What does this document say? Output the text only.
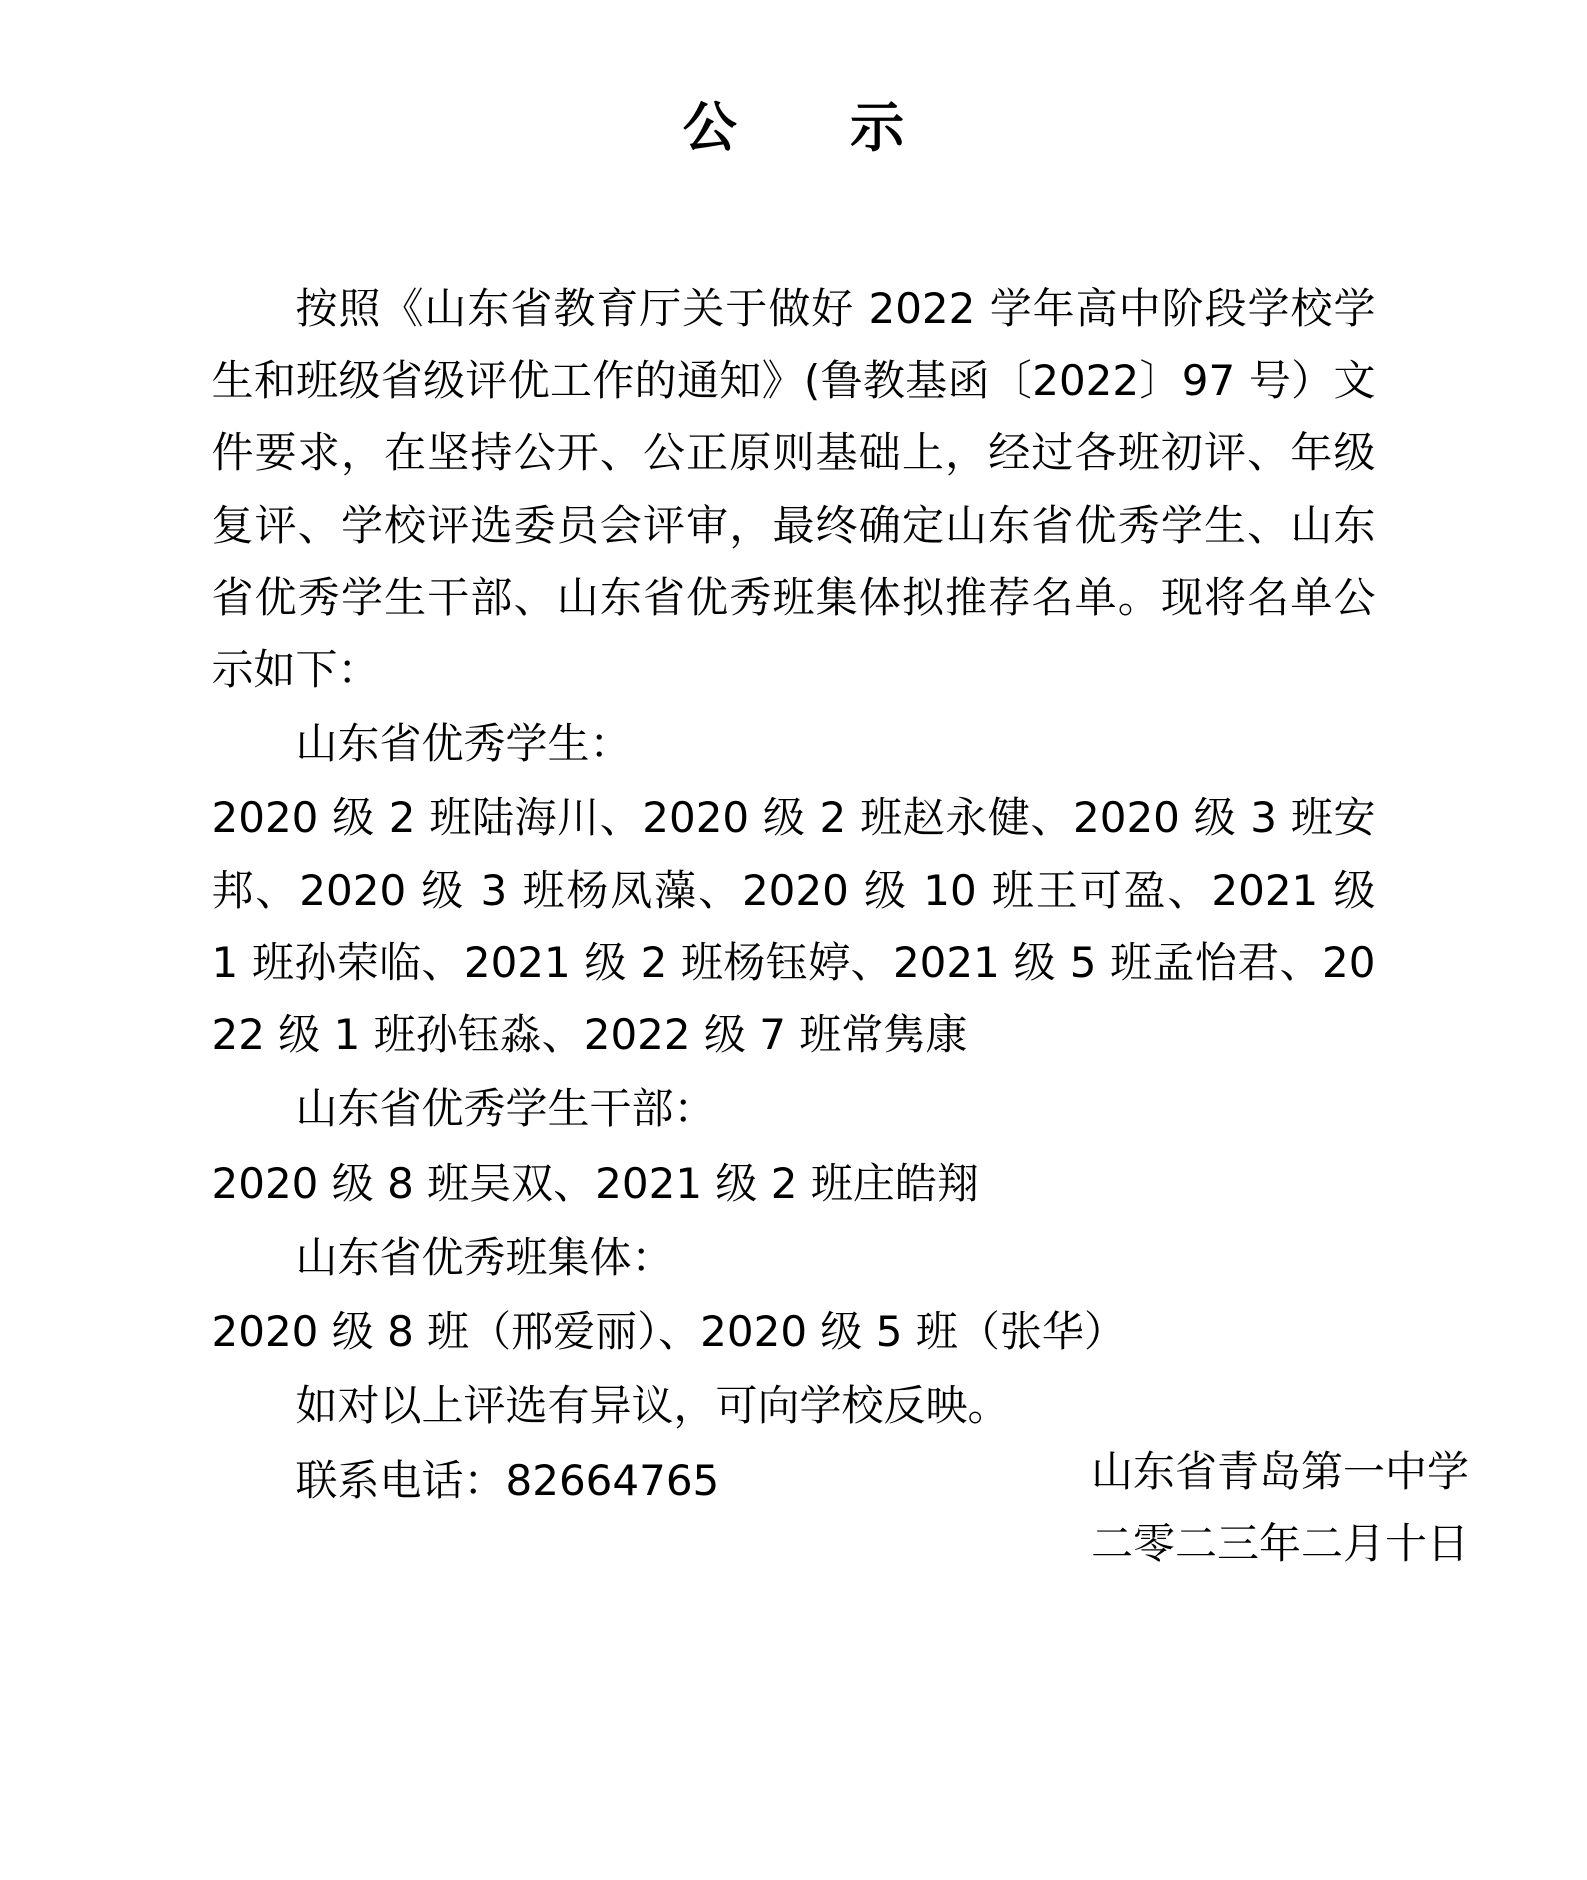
公　示

按照《山东省教育厅关于做好 2022 学年高中阶段学校学生和班级省级评优工作的通知》(鲁教基函〔2022〕97 号）文件要求，在坚持公开、公正原则基础上，经过各班初评、年级复评、学校评选委员会评审，最终确定山东省优秀学生、山东省优秀学生干部、山东省优秀班集体拟推荐名单。现将名单公示如下：

山东省优秀学生：

2020 级 2 班陆海川、2020 级 2 班赵永健、2020 级 3 班安邦、2020 级 3 班杨凤藻、2020 级 10 班王可盈、2021 级 1 班孙荣临、2021 级 2 班杨钰婷、2021 级 5 班孟怡君、2022 级 1 班孙钰淼、2022 级 7 班常隽康

山东省优秀学生干部：

2020 级 8 班吴双、2021 级 2 班庄皓翔

山东省优秀班集体：

2020 级 8 班（邢爱丽）、2020 级 5 班（张华）

如对以上评选有异议，可向学校反映。

联系电话：82664765	山东省青岛第一中学
二零二三年二月十日
